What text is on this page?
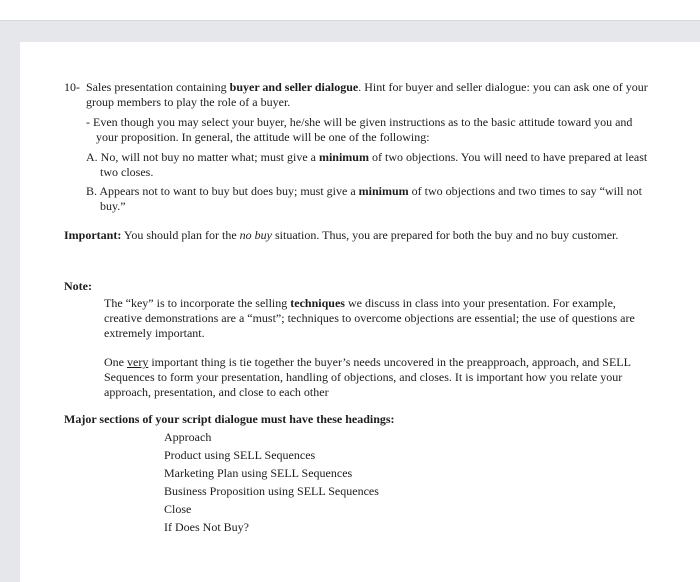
10- Sales presentation containing buyer and seller dialogue. Hint for buyer and seller dialogue: you can ask one of your group members to play the role of a buyer.

- Even though you may select your buyer, he/she will be given instructions as to the basic attitude toward you and your proposition. In general, the attitude will be one of the following:

A. No, will not buy no matter what; must give a minimum of two objections. You will need to have prepared at least two closes.

B. Appears not to want to buy but does buy; must give a minimum of two objections and two times to say “will not buy.”

Important: You should plan for the no buy situation. Thus, you are prepared for both the buy and no buy customer.

Note:

The “key” is to incorporate the selling techniques we discuss in class into your presentation. For example, creative demonstrations are a “must”; techniques to overcome objections are essential; the use of questions are extremely important.

One very important thing is tie together the buyer’s needs uncovered in the preapproach, approach, and SELL Sequences to form your presentation, handling of objections, and closes. It is important how you relate your approach, presentation, and close to each other

Major sections of your script dialogue must have these headings:

Approach
Product using SELL Sequences
Marketing Plan using SELL Sequences
Business Proposition using SELL Sequences
Close
If Does Not Buy?
